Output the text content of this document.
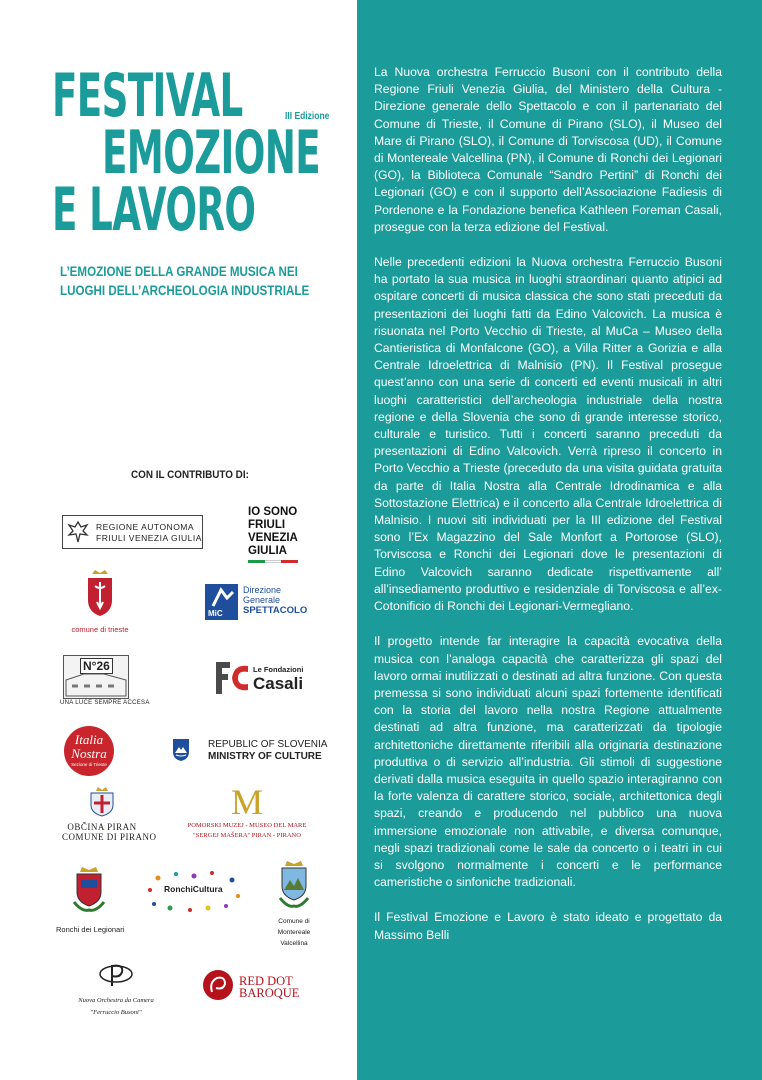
FESTIVAL	III Edizione
EMOZIONE
E LAVORO
L’EMOZIONE DELLA GRANDE MUSICA NEI
LUOGHI DELL’ARCHEOLOGIA INDUSTRIALE
CON IL CONTRIBUTO DI:
REGIONE AUTONOMA
FRIULI VENEZIA GIULIA
IO SONO
FRIULI
VENEZIA
GIULIA
comune di trieste
MiC
Direzione
Generale
SPETTACOLO
N°26
UNA LUCE SEMPRE ACCESA
Le Fondazioni
Casali
Italia
Nostra
Sezione di Trieste
REPUBLIC OF SLOVENIA
MINISTRY OF CULTURE
OBČINA PIRAN
COMUNE DI PIRANO
M
POMORSKI MUZEJ - MUSEO DEL MARE
"SERGEJ MAŠERA" PIRAN - PIRANO
Ronchi dei Legionari
RonchiCultura
Comune di
Montereale
Valcellina
Nuova Orchestra da Camera
"Ferruccio Busoni"
RED DOT
BAROQUE

La Nuova orchestra Ferruccio Busoni con il contributo della Regione Friuli Venezia Giulia, del Ministero della Cultura - Direzione generale dello Spettacolo e con il partenariato del Comune di Trieste, il Comune di Pirano (SLO), il Museo del Mare di Pirano (SLO), il Comune di Torviscosa (UD), il Comune di Montereale Valcellina (PN), il Comune di Ronchi dei Legionari (GO), la Biblioteca Comunale “Sandro Pertini” di Ronchi dei Legionari (GO) e con il supporto dell’Associazione Fadiesis di Pordenone e la Fondazione benefica Kathleen Foreman Casali, prosegue con la terza edizione del Festival.

Nelle precedenti edizioni la Nuova orchestra Ferruccio Busoni ha portato la sua musica in luoghi straordinari quanto atipici ad ospitare concerti di musica classica che sono stati preceduti da presentazioni dei luoghi fatti da Edino Valcovich. La musica è risuonata nel Porto Vecchio di Trieste, al MuCa – Museo della Cantieristica di Monfalcone (GO), a Villa Ritter a Gorizia e alla Centrale Idroelettrica di Malnisio (PN). Il Festival prosegue quest’anno con una serie di concerti ed eventi musicali in altri luoghi caratteristici dell’archeologia industriale della nostra regione e della Slovenia che sono di grande interesse storico, culturale e turistico. Tutti i concerti saranno preceduti da presentazioni di Edino Valcovich. Verrà ripreso il concerto in Porto Vecchio a Trieste (preceduto da una visita guidata gratuita da parte di Italia Nostra alla Centrale Idrodinamica e alla Sottostazione Elettrica) e il concerto alla Centrale Idroelettrica di Malnisio. I nuovi siti individuati per la III edizione del Festival sono l’Ex Magazzino del Sale Monfort a Portorose (SLO), Torviscosa e Ronchi dei Legionari dove le presentazioni di Edino Valcovich saranno dedicate rispettivamente all’ all’insediamento produttivo e residenziale di Torviscosa e all’ex-Cotonificio di Ronchi dei Legionari-Vermegliano.

Il progetto intende far interagire la capacità evocativa della musica con l’analoga capacità che caratterizza gli spazi del lavoro ormai inutilizzati o destinati ad altra funzione. Con questa premessa si sono individuati alcuni spazi fortemente identificati con la storia del lavoro nella nostra Regione attualmente destinati ad altra funzione, ma caratterizzati da tipologie architettoniche direttamente riferibili alla originaria destinazione produttiva o di servizio all’industria. Gli stimoli di suggestione derivati dalla musica eseguita in quello spazio interagiranno con la forte valenza di carattere storico, sociale, architettonica degli spazi, creando e producendo nel pubblico una nuova immersione emozionale non attivabile, e diversa comunque, negli spazi tradizionali come le sale da concerto o i teatri in cui si svolgono normalmente i concerti e le performance cameristiche o sinfoniche tradizionali.

Il Festival Emozione e Lavoro è stato ideato e progettato da Massimo Belli
